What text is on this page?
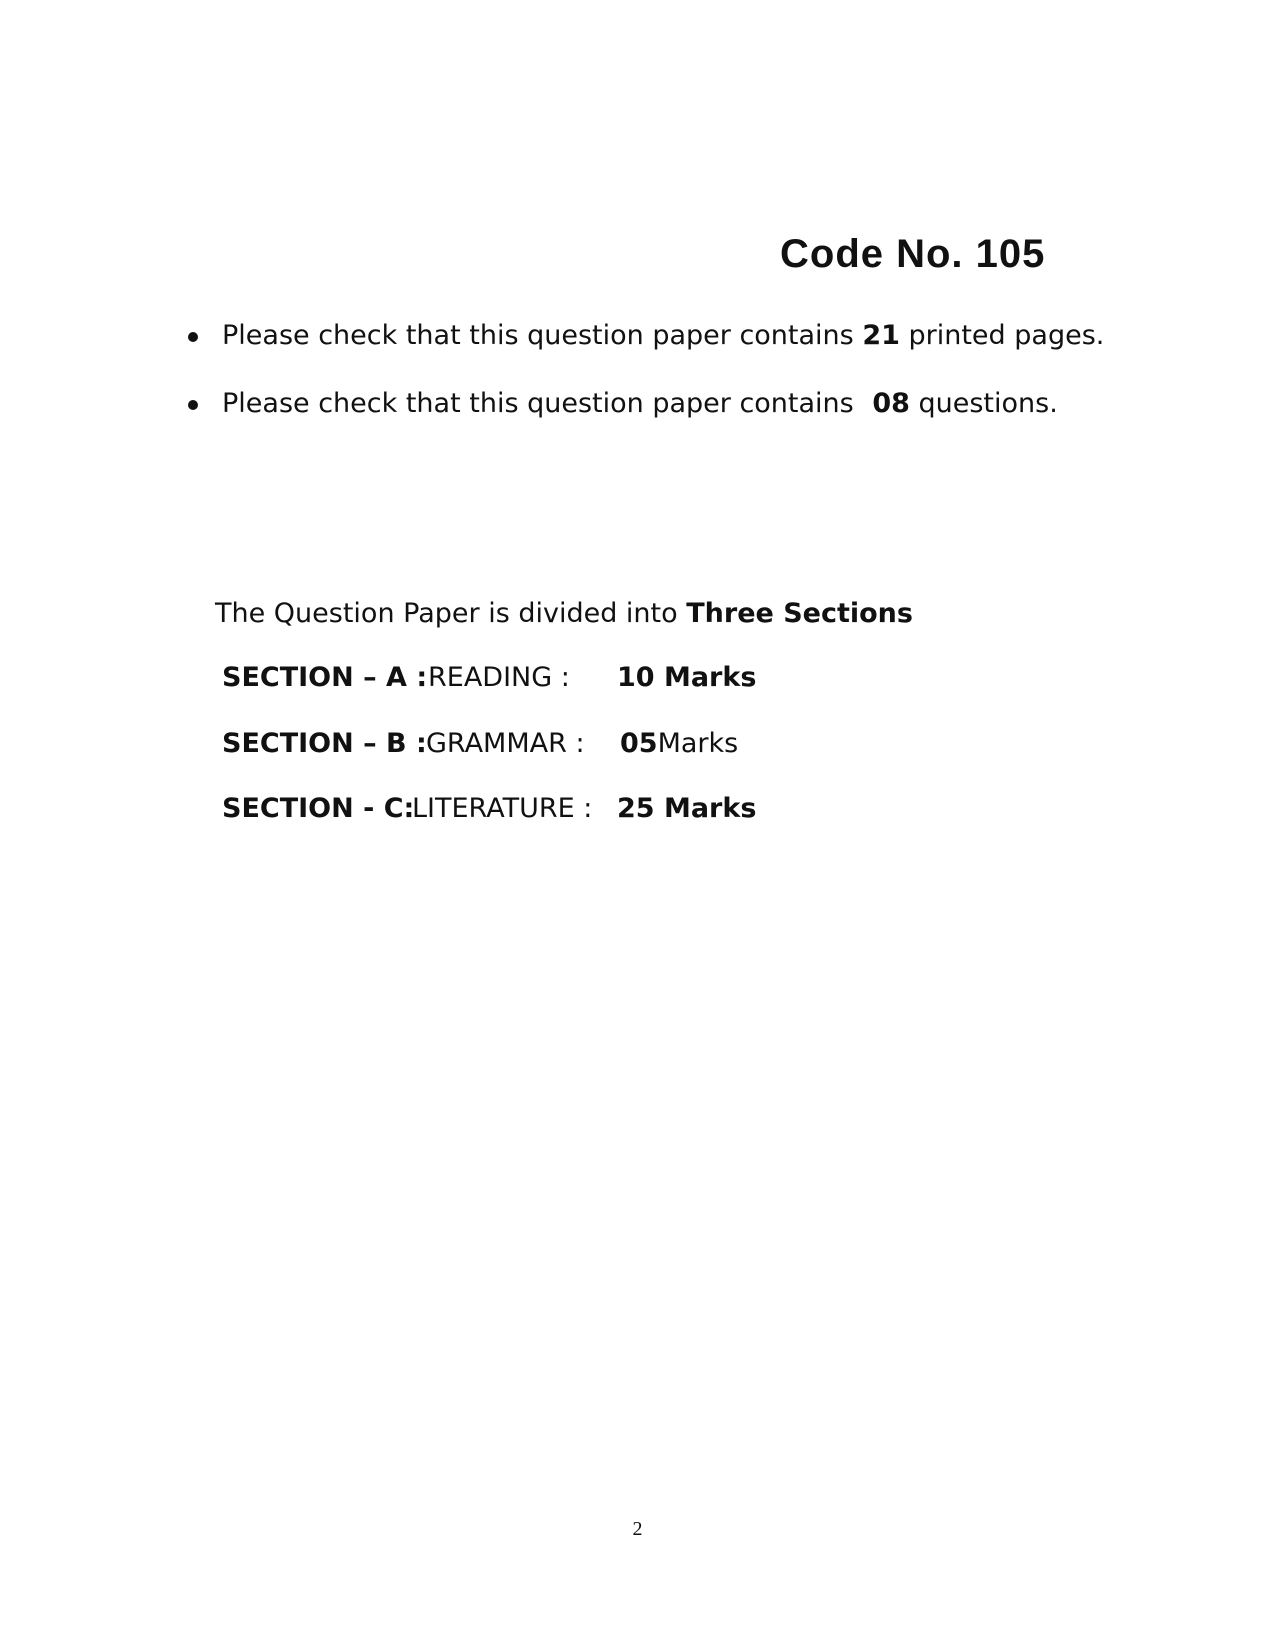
Code No. 105
Please check that this question paper contains 21 printed pages.
Please check that this question paper contains 08 questions.
The Question Paper is divided into Three Sections
SECTION – A : READING : 10 Marks
SECTION – B : GRAMMAR : 05Marks
SECTION - C:
LITERATURE : 25 Marks
2
